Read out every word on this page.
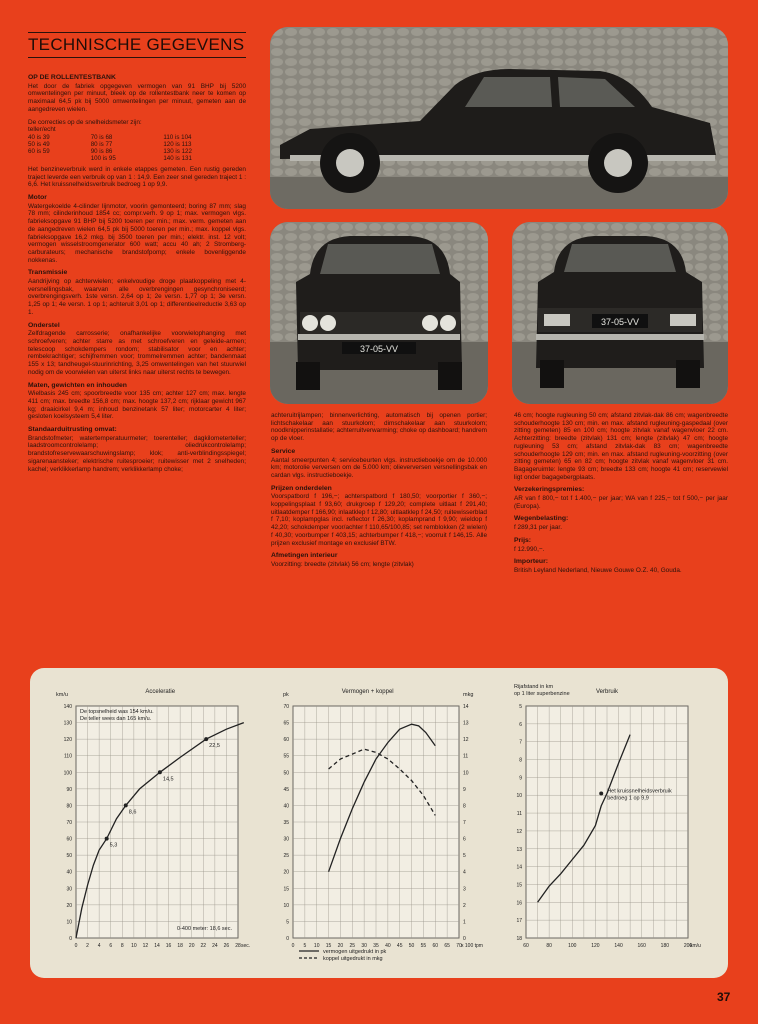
TECHNISCHE GEGEVENS
OP DE ROLLENTESTBANK

Het door de fabriek opgegeven vermogen van 91 BHP bij 5200 omwentelingen per minuut, bleek op de rollentestbank neer te komen op maximaal 64,5 pk bij 5000 omwentelingen per minuut, gemeten aan de aangedreven wielen.

De correcties op de snelheidsmeter zijn:
teller/echt
40 is 39	70 is 68	110 is 104
50 is 49	80 is 77	120 is 113
60 is 59	90 is 86	130 is 122
	100 is 95	140 is 131

Het benzineverbruik werd in enkele etappes gemeten. Een rustig gereden traject leverde een verbruik op van 1 : 14,9. Een zeer snel gereden traject 1 : 6,6. Het kruissnelheidsverbruik bedroeg 1 op 9,9.

Motor

Watergekoelde 4-cilinder lijnmotor, voorin gemonteerd; boring 87 mm; slag 78 mm; cilinderinhoud 1854 cc; compr.verh. 9 op 1; max. vermogen vlgs. fabrieksopgave 91 BHP bij 5200 toeren per min.; max. verm. gemeten aan de aangedreven wielen 64,5 pk bij 5000 toeren per min.; max. koppel vlgs. fabrieksopgave 16,2 mkg. bij 3500 toeren per min.; elektr. inst. 12 volt; vermogen wisselstroomgenerator 600 watt; accu 40 ah; 2 Stromberg-carburateurs; mechanische brandstofpomp; enkele bovenliggende nokkenas.

Transmissie

Aandrijving op achterwielen; enkelvoudige droge plaatkoppeling met 4-versnellingsbak, waarvan alle overbrengingen gesynchroniseerd; overbrengingsverh. 1ste versn. 2,64 op 1; 2e versn. 1,77 op 1; 3e versn. 1,25 op 1; 4e versn. 1 op 1; achteruit 3,01 op 1; differentieelreductie 3,63 op 1.

Onderstel

Zelfdragende carrosserie; onafhankelijke voorwielophanging met schroefveren; achter starre as met schroefveren en geleide-armen; telescoop schokdempers rondom; stabilisator voor en achter; rembekrachtiger; schijfremmen voor; trommelremmen achter; bandenmaat 155 x 13; tandheugel-stuurinrichting, 3,25 omwentelingen van het stuurwiel nodig om de voorwielen van uiterst links naar uiterst rechts te bewegen.

Maten, gewichten en inhouden

Wielbasis 245 cm; spoorbreedte voor 135 cm; achter 127 cm; max. lengte 411 cm; max. breedte 156,8 cm; max. hoogte 137,2 cm; rijklaar gewicht 967 kg; draaicirkel 9,4 m; inhoud benzinetank 57 liter; motorcarter 4 liter; gesloten koelsysteem 5,4 liter.

Standaarduitrusting omvat:

Brandstofmeter; watertemperatuurmeter; toerenteller; dagkilometerteller; laadstroomcontrolelamp; oliedrukcontrolelamp; brandstofreservewaarschuwingslamp; klok; anti-verblindingsspiegel; sigarenaansteker; elektrische ruitesproeier; ruitewisser met 2 snelheden; kachel; verklikkerlamp handrem; verklikkerlamp choke;

achteruitrijlampen; binnenverlichting, automatisch bij openen portier; lichtschakelaar aan stuurkolom; dimschakelaar aan stuurkolom; noodknipperinstallatie; achterruitverwarming; choke op dashboard; handrem op de vloer.

Service

Aantal smeerpunten 4; servicebeurten vlgs. instructieboekje om de 10.000 km; motorolie verversen om de 5.000 km; olieverversen versnellingsbak en cardan vlgs. instructieboekje.

Prijzen onderdelen

Voorspatbord f 196,−; achterspatbord f 180,50; voorportier f 360,−; koppelingsplaat f 93,60; drukgroep f 129,20; complete uitlaat f 291,40; uitlaatdemper f 166,90; inlaatklep f 12,80; uitlaatklep f 24,50; ruitewisserblad f 7,10; koplampglas incl. reflector f 26,30; koplamprand f 9,90; wieldop f 42,20; schokdemper voor/achter f 110,65/100,85; set remblokken (2 wielen) f 40,30; voorbumper f 403,15; achterbumper f 418,−; voorruit f 146,15. Alle prijzen exclusief montage en exclusief BTW.

Afmetingen interieur

Voorzitting: breedte (zitvlak) 56 cm; lengte (zitvlak)

46 cm; hoogte rugleuning 50 cm; afstand zitvlak-dak 86 cm; wagenbreedte schouderhoogte 130 cm; min. en max. afstand rugleuning-gaspedaal (over zitting gemeten) 85 en 100 cm; hoogte zitvlak vanaf wagenvloer 22 cm. Achterzitting: breedte (zitvlak) 131 cm; lengte (zitvlak) 47 cm; hoogte rugleuning 53 cm; afstand zitvlak-dak 83 cm; wagenbreedte schouderhoogte 129 cm; min. en max. afstand rugleuning-voorzitting (over zitting gemeten) 65 en 82 cm; hoogte zitvlak vanaf wagenvloer 31 cm. Bagageruimte: lengte 93 cm; breedte 133 cm; hoogte 41 cm; reservewiel ligt onder bagagebergplaats.

Verzekeringspremies:

AR van f 800,− tot f 1.400,− per jaar; WA van f 225,− tot f 500,− per jaar (Europa).

Wegenbelasting:

f 289,31 per jaar.

Prijs:

f 12.990,−.

Importeur:

British Leyland Nederland, Nieuwe Gouwe O.Z. 40, Gouda.

37-05-VV
37-05-VV
Acceleratie
km/u
0
10
20
30
40
50
60
70
80
90
100
110
120
130
140
0 2 4 6 8 10 12 14 16 18 20 22 24 26 28 sec.
De topsnelheid was 154 km/u.
De teller wees dan 165 km/u.
0-400 meter: 18,6 sec.
5,3
8,6
14,5
22,5
Vermogen + koppel
pk	mkg
0
5
10
15
20
25
30
35
40
45
50
55
60
65
70
0
1
2
3
4
5
6
7
8
9
10
11
12
13
14
0 5 10 15 20 25 30 35 40 45 50 55 60 65 70 x 100 tpm
vermogen uitgedrukt in pk
koppel uitgedrukt in mkg
Verbruik
Rijafstand in km
op 1 liter superbenzine
5
6
7
8
9
10
11
12
13
14
15
16
17
18
60	80	100	120	140	160	180	200
km/u
Het kruissnelheidsverbruik
bedroeg 1 op 9,9
37
